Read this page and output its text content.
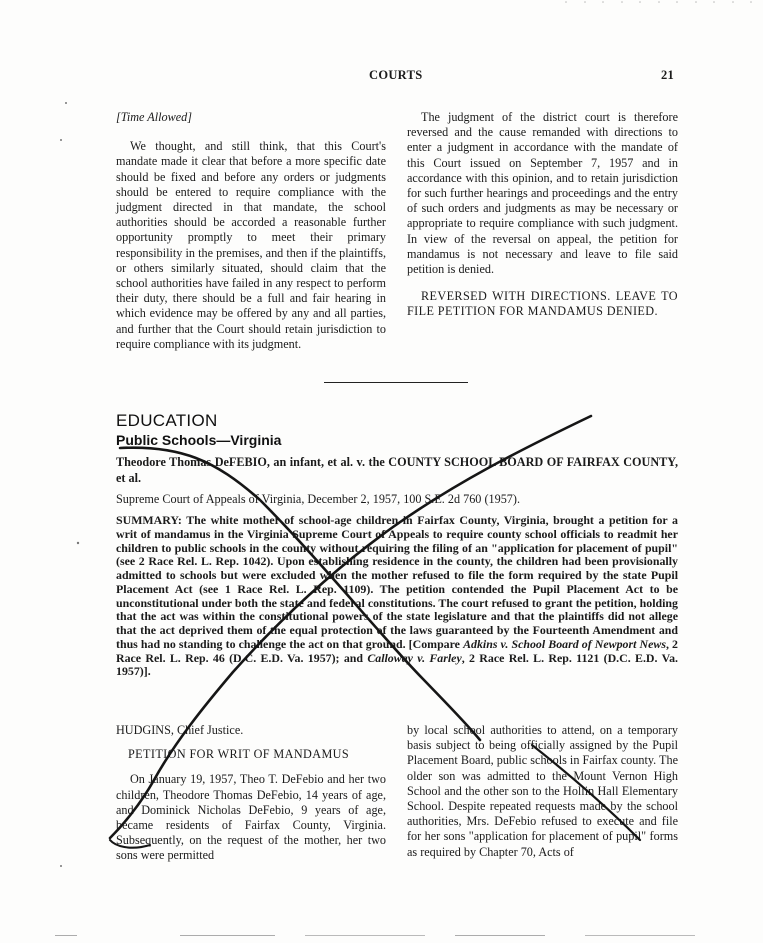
COURTS	21

[Time Allowed]

We thought, and still think, that this Court's mandate made it clear that before a more specific date should be fixed and before any orders or judgments should be entered to require compliance with the judgment directed in that mandate, the school authorities should be accorded a reasonable further opportunity promptly to meet their primary responsibility in the premises, and then if the plaintiffs, or others similarly situated, should claim that the school authorities have failed in any respect to perform their duty, there should be a full and fair hearing in which evidence may be offered by any and all parties, and further that the Court should retain jurisdiction to require compliance with its judgment.

The judgment of the district court is therefore reversed and the cause remanded with directions to enter a judgment in accordance with the mandate of this Court issued on September 7, 1957 and in accordance with this opinion, and to retain jurisdiction for such further hearings and proceedings and the entry of such orders and judgments as may be necessary or appropriate to require compliance with such judgment. In view of the reversal on appeal, the petition for mandamus is not necessary and leave to file said petition is denied.

REVERSED WITH DIRECTIONS. LEAVE TO FILE PETITION FOR MANDAMUS DENIED.

EDUCATION
Public Schools—Virginia
Theodore Thomas DeFEBIO, an infant, et al. v. the COUNTY SCHOOL BOARD OF FAIRFAX COUNTY, et al.
Supreme Court of Appeals of Virginia, December 2, 1957, 100 S.E. 2d 760 (1957).
SUMMARY: The white mother of school-age children in Fairfax County, Virginia, brought a petition for a writ of mandamus in the Virginia Supreme Court of Appeals to require county school officials to readmit her children to public schools in the county without requiring the filing of an "application for placement of pupil" (see 2 Race Rel. L. Rep. 1042). Upon establishing residence in the county, the children had been provisionally admitted to schools but were excluded when the mother refused to file the form required by the state Pupil Placement Act (see 1 Race Rel. L. Rep. 1109). The petition contended the Pupil Placement Act to be unconstitutional under both the state and federal constitutions. The court refused to grant the petition, holding that the act was within the constitutional powers of the state legislature and that the plaintiffs did not allege that the act deprived them of the equal protection of the laws guaranteed by the Fourteenth Amendment and thus had no standing to challenge the act on that ground. [Compare Adkins v. School Board of Newport News, 2 Race Rel. L. Rep. 46 (D.C. E.D. Va. 1957); and Calloway v. Farley, 2 Race Rel. L. Rep. 1121 (D.C. E.D. Va. 1957)].

HUDGINS, Chief Justice.

PETITION FOR WRIT OF MANDAMUS

On January 19, 1957, Theo T. DeFebio and her two children, Theodore Thomas DeFebio, 14 years of age, and Dominick Nicholas DeFebio, 9 years of age, became residents of Fairfax County, Virginia. Subsequently, on the request of the mother, her two sons were permitted

by local school authorities to attend, on a temporary basis subject to being officially assigned by the Pupil Placement Board, public schools in Fairfax county. The older son was admitted to the Mount Vernon High School and the other son to the Hollin Hall Elementary School. Despite repeated requests made by the school authorities, Mrs. DeFebio refused to execute and file for her sons "application for placement of pupil" forms as required by Chapter 70, Acts of
